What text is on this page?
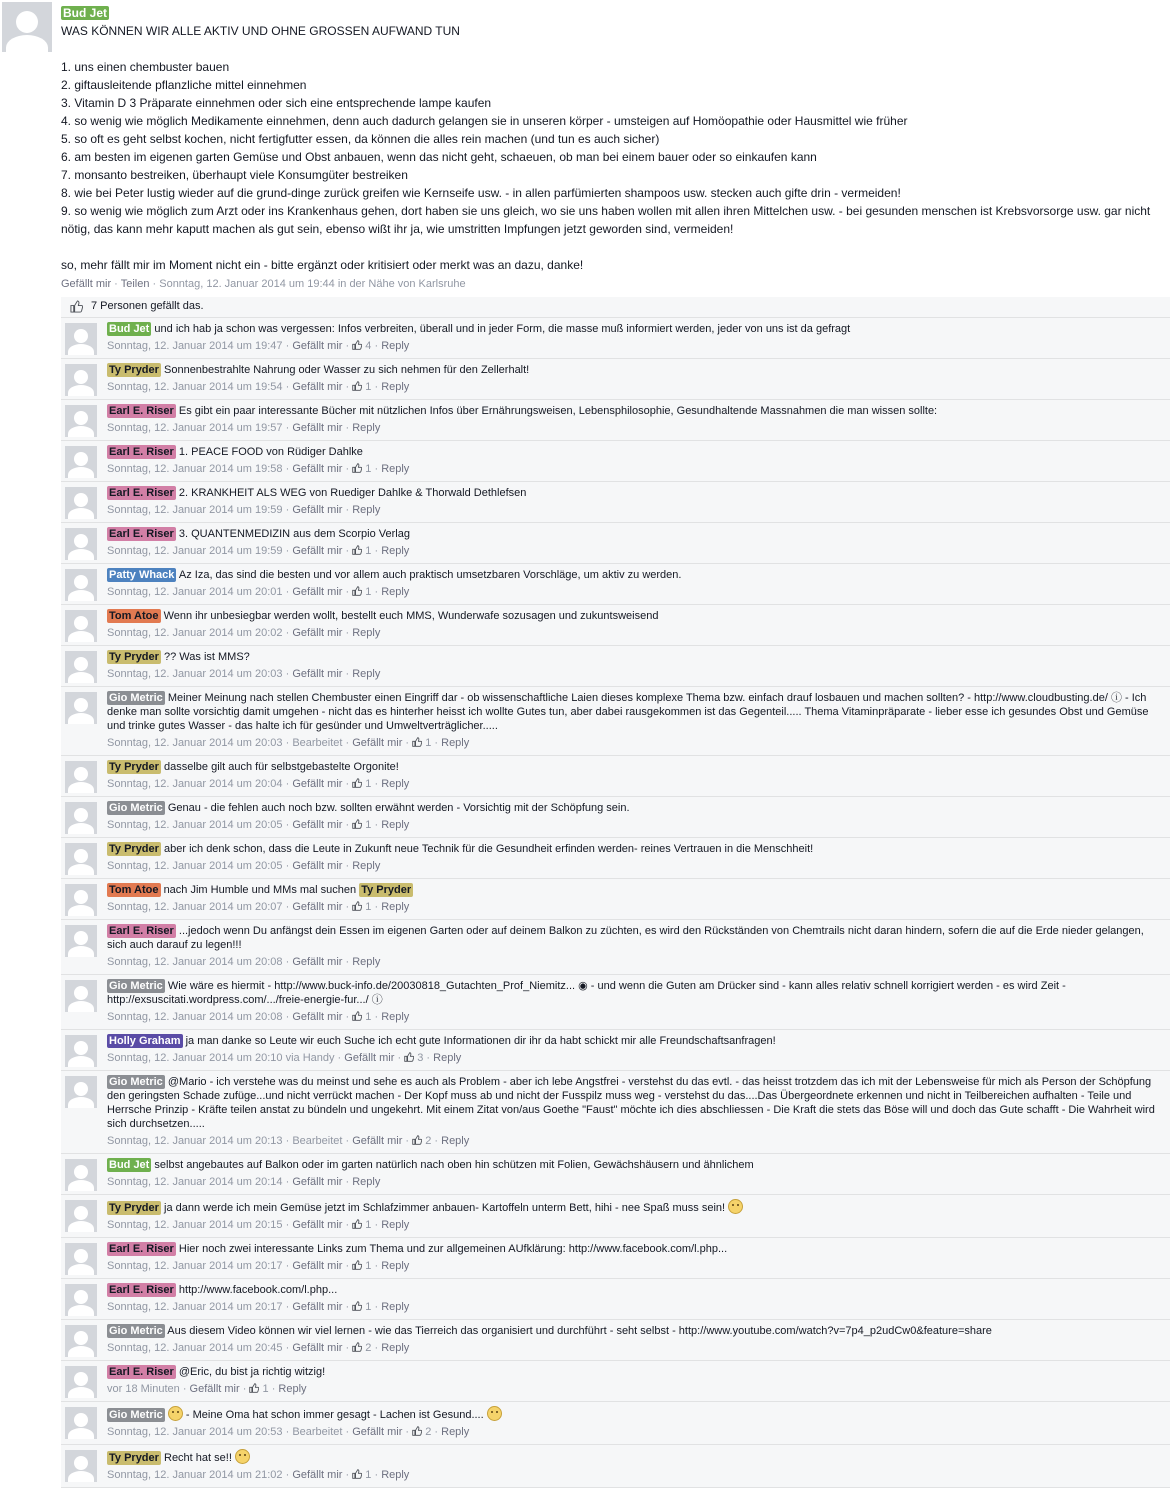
Bud Jet
WAS KÖNNEN WIR ALLE AKTIV UND OHNE GROSSEN AUFWAND TUN
1. uns einen chembuster bauen
2. giftausleitende pflanzliche mittel einnehmen
3. Vitamin D 3 Präparate einnehmen oder sich eine entsprechende lampe kaufen
4. so wenig wie möglich Medikamente einnehmen, denn auch dadurch gelangen sie in unseren körper - umsteigen auf Homöopathie oder Hausmittel wie früher
5. so oft es geht selbst kochen, nicht fertigfutter essen, da können die alles rein machen (und tun es auch sicher)
6. am besten im eigenen garten Gemüse und Obst anbauen, wenn das nicht geht, schaeuen, ob man bei einem bauer oder so einkaufen kann
7. monsanto bestreiken, überhaupt viele Konsumgüter bestreiken
8. wie bei Peter lustig wieder auf die grund-dinge zurück greifen wie Kernseife usw. - in allen parfümierten shampoos usw. stecken auch gifte drin - vermeiden!
9. so wenig wie möglich zum Arzt oder ins Krankenhaus gehen, dort haben sie uns gleich, wo sie uns haben wollen mit allen ihren Mittelchen usw. - bei gesunden menschen ist Krebsvorsorge usw. gar nicht nötig, das kann mehr kaputt machen als gut sein, ebenso wißt ihr ja, wie umstritten Impfungen jetzt geworden sind, vermeiden!
so, mehr fällt mir im Moment nicht ein - bitte ergänzt oder kritisiert oder merkt was an dazu, danke!
Gefällt mir · Teilen · Sonntag, 12. Januar 2014 um 19:44 in der Nähe von Karlsruhe
7 Personen gefällt das.
Bud Jet und ich hab ja schon was vergessen: Infos verbreiten, überall und in jeder Form, die masse muß informiert werden, jeder von uns ist da gefragt
Sonntag, 12. Januar 2014 um 19:47 · Gefällt mir ·  4 · Reply
Ty Pryder Sonnenbestrahlte Nahrung oder Wasser zu sich nehmen für den Zellerhalt!
Sonntag, 12. Januar 2014 um 19:54 · Gefällt mir ·  1 · Reply
Earl E. Riser Es gibt ein paar interessante Bücher mit nützlichen Infos über Ernährungsweisen, Lebensphilosophie, Gesundhaltende Massnahmen die man wissen sollte:
Sonntag, 12. Januar 2014 um 19:57 · Gefällt mir · Reply
Earl E. Riser 1. PEACE FOOD von Rüdiger Dahlke
Sonntag, 12. Januar 2014 um 19:58 · Gefällt mir ·  1 · Reply
Earl E. Riser 2. KRANKHEIT ALS WEG von Ruediger Dahlke & Thorwald Dethlefsen
Sonntag, 12. Januar 2014 um 19:59 · Gefällt mir · Reply
Earl E. Riser 3. QUANTENMEDIZIN aus dem Scorpio Verlag
Sonntag, 12. Januar 2014 um 19:59 · Gefällt mir ·  1 · Reply
Patty Whack Az Iza, das sind die besten und vor allem auch praktisch umsetzbaren Vorschläge, um aktiv zu werden.
Sonntag, 12. Januar 2014 um 20:01 · Gefällt mir ·  1 · Reply
Tom Atoe Wenn ihr unbesiegbar werden wollt, bestellt euch MMS, Wunderwafe sozusagen und zukuntsweisend
Sonntag, 12. Januar 2014 um 20:02 · Gefällt mir · Reply
Ty Pryder ?? Was ist MMS?
Sonntag, 12. Januar 2014 um 20:03 · Gefällt mir · Reply
Gio Metric Meiner Meinung nach stellen Chembuster einen Eingriff dar - ob wissenschaftliche Laien dieses komplexe Thema bzw. einfach drauf losbauen und machen sollten? - http://www.cloudbusting.de/ ⓘ - Ich denke man sollte vorsichtig damit umgehen - nicht das es hinterher heisst ich wollte Gutes tun, aber dabei rausgekommen ist das Gegenteil..... Thema Vitaminpräparate - lieber esse ich gesundes Obst und Gemüse und trinke gutes Wasser - das halte ich für gesünder und Umweltverträglicher.....
Sonntag, 12. Januar 2014 um 20:03 · Bearbeitet · Gefällt mir ·  1 · Reply
Ty Pryder dasselbe gilt auch für selbstgebastelte Orgonite!
Sonntag, 12. Januar 2014 um 20:04 · Gefällt mir ·  1 · Reply
Gio Metric Genau - die fehlen auch noch bzw. sollten erwähnt werden - Vorsichtig mit der Schöpfung sein.
Sonntag, 12. Januar 2014 um 20:05 · Gefällt mir ·  1 · Reply
Ty Pryder aber ich denk schon, dass die Leute in Zukunft neue Technik für die Gesundheit erfinden werden- reines Vertrauen in die Menschheit!
Sonntag, 12. Januar 2014 um 20:05 · Gefällt mir · Reply
Tom Atoe nach Jim Humble und MMs mal suchen Ty Pryder
Sonntag, 12. Januar 2014 um 20:07 · Gefällt mir ·  1 · Reply
Earl E. Riser ...jedoch wenn Du anfängst dein Essen im eigenen Garten oder auf deinem Balkon zu züchten, es wird den Rückständen von Chemtrails nicht daran hindern, sofern die auf die Erde nieder gelangen, sich auch darauf zu legen!!!
Sonntag, 12. Januar 2014 um 20:08 · Gefällt mir · Reply
Gio Metric Wie wäre es hiermit - http://www.buck-info.de/20030818_Gutachten_Prof_Niemitz... ◉ - und wenn die Guten am Drücker sind - kann alles relativ schnell korrigiert werden - es wird Zeit - http://exsuscitati.wordpress.com/.../freie-energie-fur.../ ⓘ
Sonntag, 12. Januar 2014 um 20:08 · Gefällt mir ·  1 · Reply
Holly Graham ja man danke so Leute wir euch Suche ich echt gute Informationen dir ihr da habt schickt mir alle Freundschaftsanfragen!
Sonntag, 12. Januar 2014 um 20:10 via Handy · Gefällt mir ·  3 · Reply
Gio Metric @Mario - ich verstehe was du meinst und sehe es auch als Problem - aber ich lebe Angstfrei - verstehst du das evtl. - das heisst trotzdem das ich mit der Lebensweise für mich als Person der Schöpfung den geringsten Schade zufüge...und nicht verrückt machen - Der Kopf muss ab und nicht der Fusspilz muss weg - verstehst du das....Das Übergeordnete erkennen und nicht in Teilbereichen aufhalten - Teile und Herrsche Prinzip - Kräfte teilen anstat zu bündeln und ungekehrt. Mit einem Zitat von/aus Goethe "Faust" möchte ich dies abschliessen - Die Kraft die stets das Böse will und doch das Gute schafft - Die Wahrheit wird sich durchsetzen.....
Sonntag, 12. Januar 2014 um 20:13 · Bearbeitet · Gefällt mir ·  2 · Reply
Bud Jet selbst angebautes auf Balkon oder im garten natürlich nach oben hin schützen mit Folien, Gewächshäusern und ähnlichem
Sonntag, 12. Januar 2014 um 20:14 · Gefällt mir · Reply
Ty Pryder ja dann werde ich mein Gemüse jetzt im Schlafzimmer anbauen- Kartoffeln unterm Bett, hihi - nee Spaß muss sein!
Sonntag, 12. Januar 2014 um 20:15 · Gefällt mir ·  1 · Reply
Earl E. Riser Hier noch zwei interessante Links zum Thema und zur allgemeinen AUfklärung: http://www.facebook.com/l.php...
Sonntag, 12. Januar 2014 um 20:17 · Gefällt mir ·  1 · Reply
Earl E. Riser http://www.facebook.com/l.php...
Sonntag, 12. Januar 2014 um 20:17 · Gefällt mir ·  1 · Reply
Gio Metric Aus diesem Video können wir viel lernen - wie das Tierreich das organisiert und durchführt - seht selbst - http://www.youtube.com/watch?v=7p4_p2udCw0&feature=share
Sonntag, 12. Januar 2014 um 20:45 · Gefällt mir ·  2 · Reply
Earl E. Riser @Eric, du bist ja richtig witzig!
vor 18 Minuten · Gefällt mir ·  1 · Reply
Gio Metric - Meine Oma hat schon immer gesagt - Lachen ist Gesund....
Sonntag, 12. Januar 2014 um 20:53 · Bearbeitet · Gefällt mir ·  2 · Reply
Ty Pryder Recht hat se!!
Sonntag, 12. Januar 2014 um 21:02 · Gefällt mir ·  1 · Reply
